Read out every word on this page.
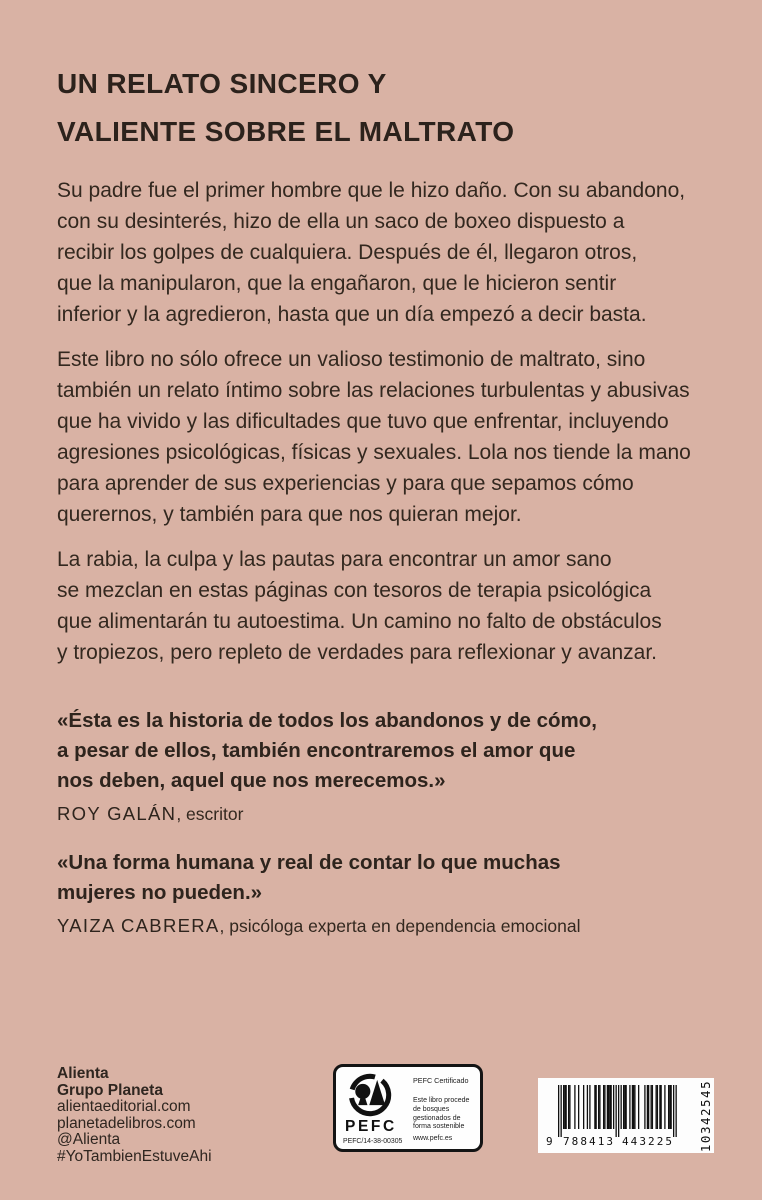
UN RELATO SINCERO Y
VALIENTE SOBRE EL MALTRATO
Su padre fue el primer hombre que le hizo daño. Con su abandono,
con su desinterés, hizo de ella un saco de boxeo dispuesto a
recibir los golpes de cualquiera. Después de él, llegaron otros,
que la manipularon, que la engañaron, que le hicieron sentir
inferior y la agredieron, hasta que un día empezó a decir basta.
Este libro no sólo ofrece un valioso testimonio de maltrato, sino
también un relato íntimo sobre las relaciones turbulentas y abusivas
que ha vivido y las dificultades que tuvo que enfrentar, incluyendo
agresiones psicológicas, físicas y sexuales. Lola nos tiende la mano
para aprender de sus experiencias y para que sepamos cómo
querernos, y también para que nos quieran mejor.
La rabia, la culpa y las pautas para encontrar un amor sano
se mezclan en estas páginas con tesoros de terapia psicológica
que alimentarán tu autoestima. Un camino no falto de obstáculos
y tropiezos, pero repleto de verdades para reflexionar y avanzar.
«Ésta es la historia de todos los abandonos y de cómo,
a pesar de ellos, también encontraremos el amor que
nos deben, aquel que nos merecemos.»
ROY GALÁN, escritor
«Una forma humana y real de contar lo que muchas
mujeres no pueden.»
YAIZA CABRERA, psicóloga experta en dependencia emocional
Alienta
Grupo Planeta
alientaeditorial.com
planetadelibros.com
@Alienta
#YoTambienEstuveAhi
PEFC
PEFC/14-38-00305
PEFC Certificado
Este libro procede de bosques gestionados de forma sostenible
www.pefc.es	9 788413 443225 10342545
